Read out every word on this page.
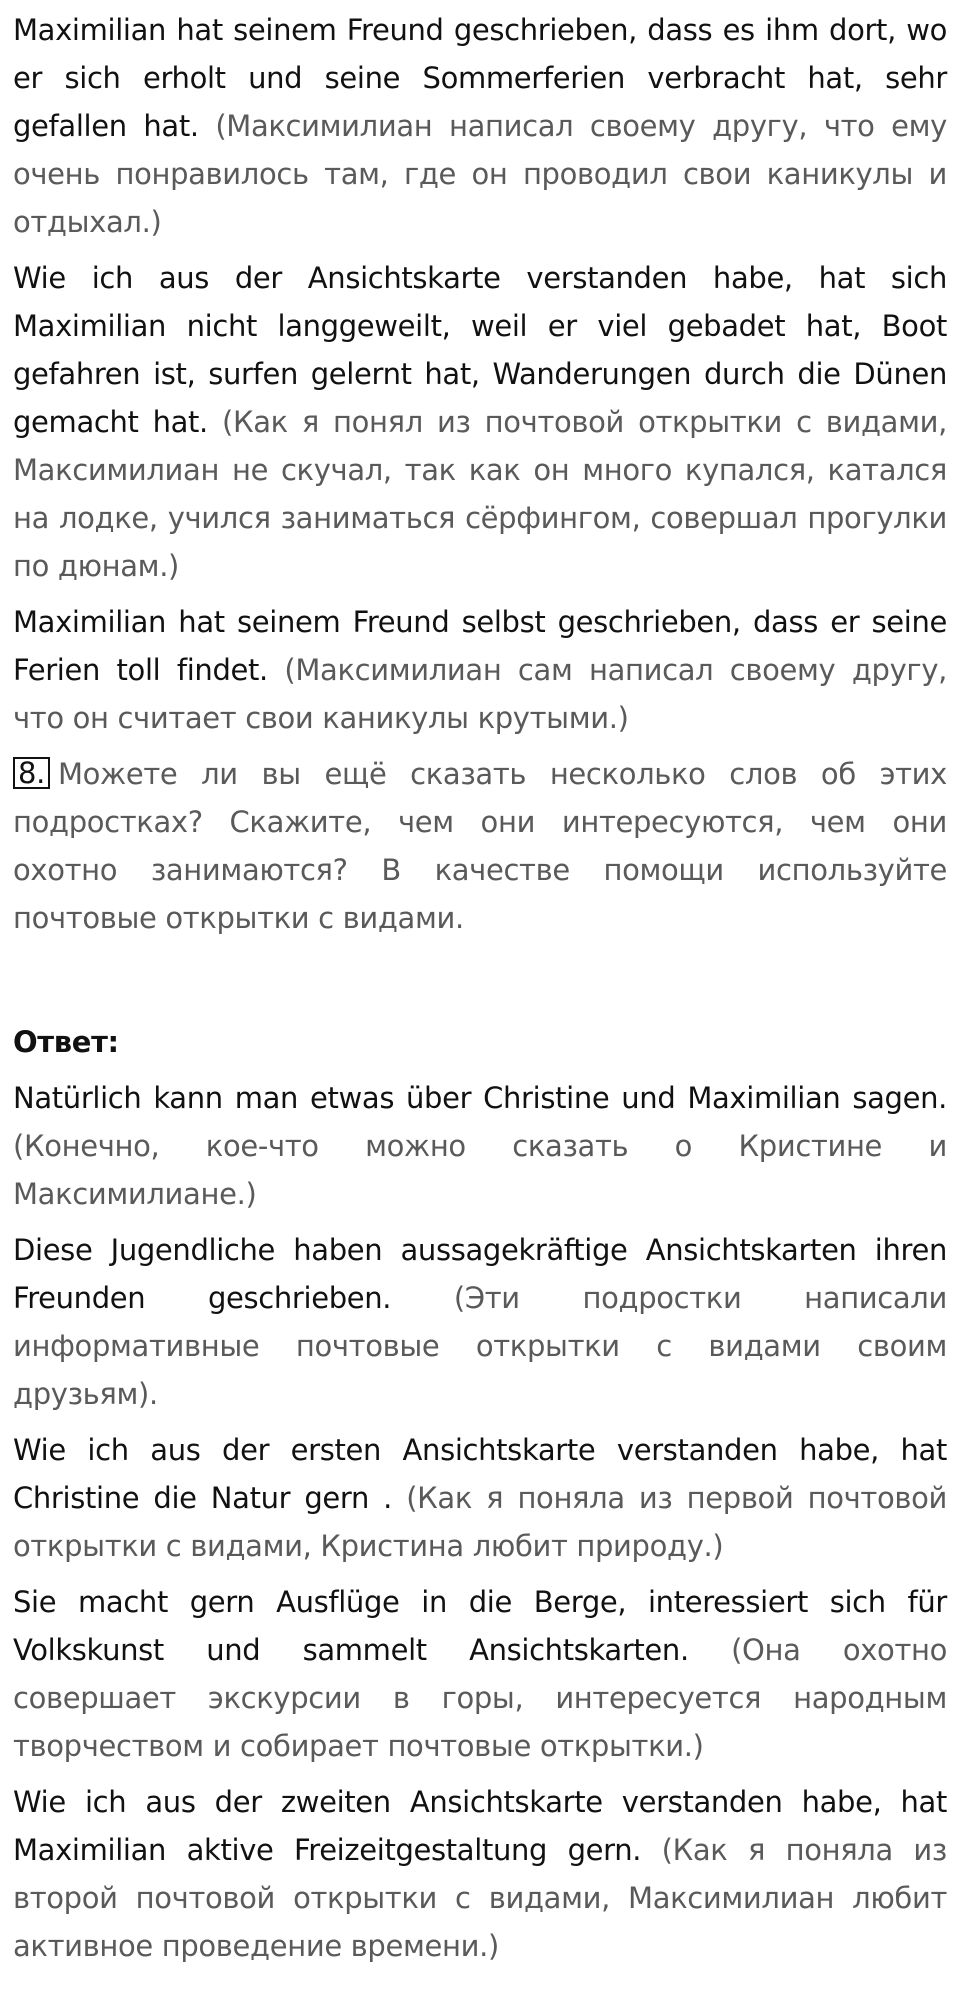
Maximilian hat seinem Freund geschrieben, dass es ihm dort, wo er sich erholt und seine Sommerferien verbracht hat, sehr gefallen hat. (Максимилиан написал своему другу, что ему очень понравилось там, где он проводил свои каникулы и отдыхал.)

Wie ich aus der Ansichtskarte verstanden habe, hat sich Maximilian nicht langgeweilt, weil er viel gebadet hat, Boot gefahren ist, surfen gelernt hat, Wanderungen durch die Dünen gemacht hat. (Как я понял из почтовой открытки с видами, Максимилиан не скучал, так как он много купался, катался на лодке, учился заниматься сёрфингом, совершал прогулки по дюнам.)

Maximilian hat seinem Freund selbst geschrieben, dass er seine Ferien toll findet. (Максимилиан сам написал своему другу, что он считает свои каникулы крутыми.)

8. Можете ли вы ещё сказать несколько слов об этих подростках? Скажите, чем они интересуются, чем они охотно занимаются? В качестве помощи используйте почтовые открытки с видами.

Ответ:

Natürlich kann man etwas über Christine und Maximilian sagen. (Конечно, кое-что можно сказать о Кристине и Максимилиане.)

Diese Jugendliche haben aussagekräftige Ansichtskarten ihren Freunden geschrieben. (Эти подростки написали информативные почтовые открытки с видами своим друзьям).

Wie ich aus der ersten Ansichtskarte verstanden habe, hat Christine die Natur gern . (Как я поняла из первой почтовой открытки с видами, Кристина любит природу.)

Sie macht gern Ausflüge in die Berge, interessiert sich für Volkskunst und sammelt Ansichtskarten. (Она охотно совершает экскурсии в горы, интересуется народным творчеством и собирает почтовые открытки.)

Wie ich aus der zweiten Ansichtskarte verstanden habe, hat Maximilian aktive Freizeitgestaltung gern. (Как я поняла из второй почтовой открытки с видами, Максимилиан любит активное проведение времени.)
